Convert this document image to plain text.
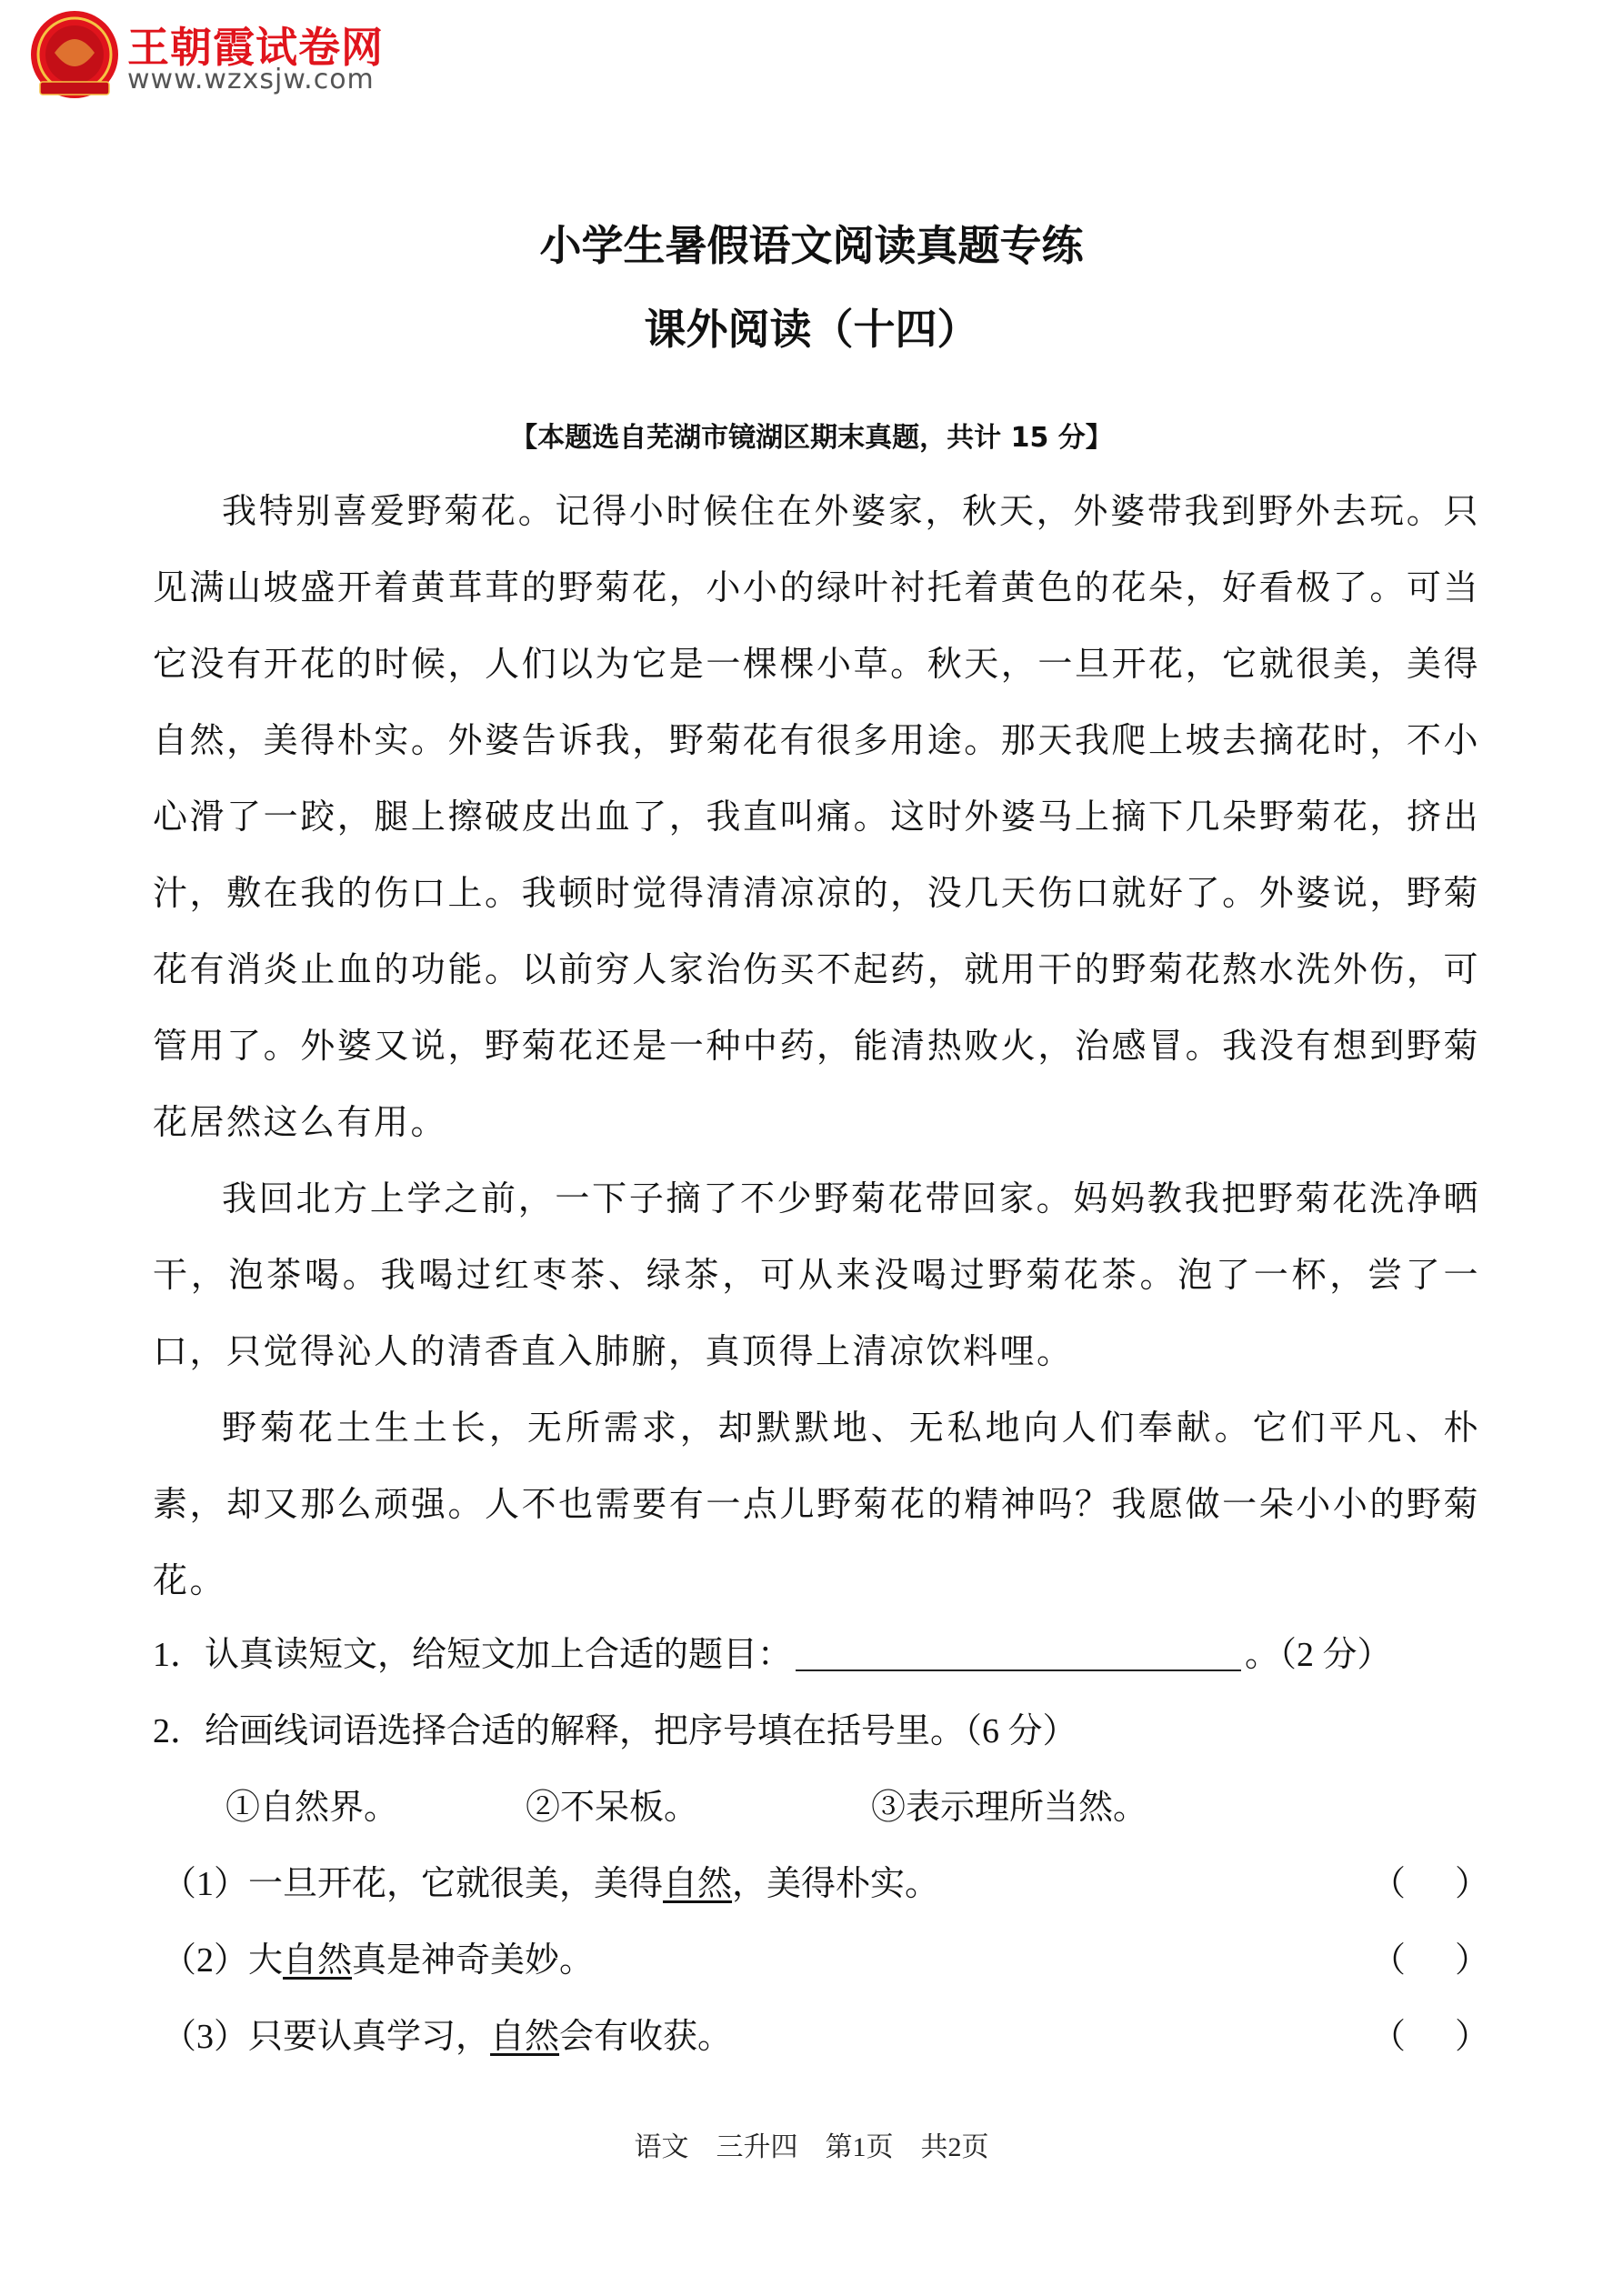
王朝霞试卷网
www.wzxsjw.com
小学生暑假语文阅读真题专练
课外阅读（十四）
【本题选自芜湖市镜湖区期末真题，共计 15 分】

我特别喜爱野菊花。记得小时候住在外婆家，秋天，外婆带我到野外去玩。只见满山坡盛开着黄茸茸的野菊花，小小的绿叶衬托着黄色的花朵，好看极了。可当它没有开花的时候，人们以为它是一棵棵小草。秋天，一旦开花，它就很美，美得自然，美得朴实。外婆告诉我，野菊花有很多用途。那天我爬上坡去摘花时，不小心滑了一跤，腿上擦破皮出血了，我直叫痛。这时外婆马上摘下几朵野菊花，挤出汁，敷在我的伤口上。我顿时觉得清清凉凉的，没几天伤口就好了。外婆说，野菊花有消炎止血的功能。以前穷人家治伤买不起药，就用干的野菊花熬水洗外伤，可管用了。外婆又说，野菊花还是一种中药，能清热败火，治感冒。我没有想到野菊花居然这么有用。

我回北方上学之前，一下子摘了不少野菊花带回家。妈妈教我把野菊花洗净晒干，泡茶喝。我喝过红枣茶、绿茶，可从来没喝过野菊花茶。泡了一杯，尝了一口，只觉得沁人的清香直入肺腑，真顶得上清凉饮料哩。

野菊花土生土长，无所需求，却默默地、无私地向人们奉献。它们平凡、朴素，却又那么顽强。人不也需要有一点儿野菊花的精神吗？我愿做一朵小小的野菊花。

1．认真读短文，给短文加上合适的题目：	。（2 分）
2．给画线词语选择合适的解释，把序号填在括号里。（6 分）
①自然界。	②不呆板。	③表示理所当然。
（1）一旦开花，它就很美，美得自然，美得朴实。	（ ）
（2）大自然真是神奇美妙。	（ ）
（3）只要认真学习，自然会有收获。	（ ）
语文　三升四　第1页　共2页
